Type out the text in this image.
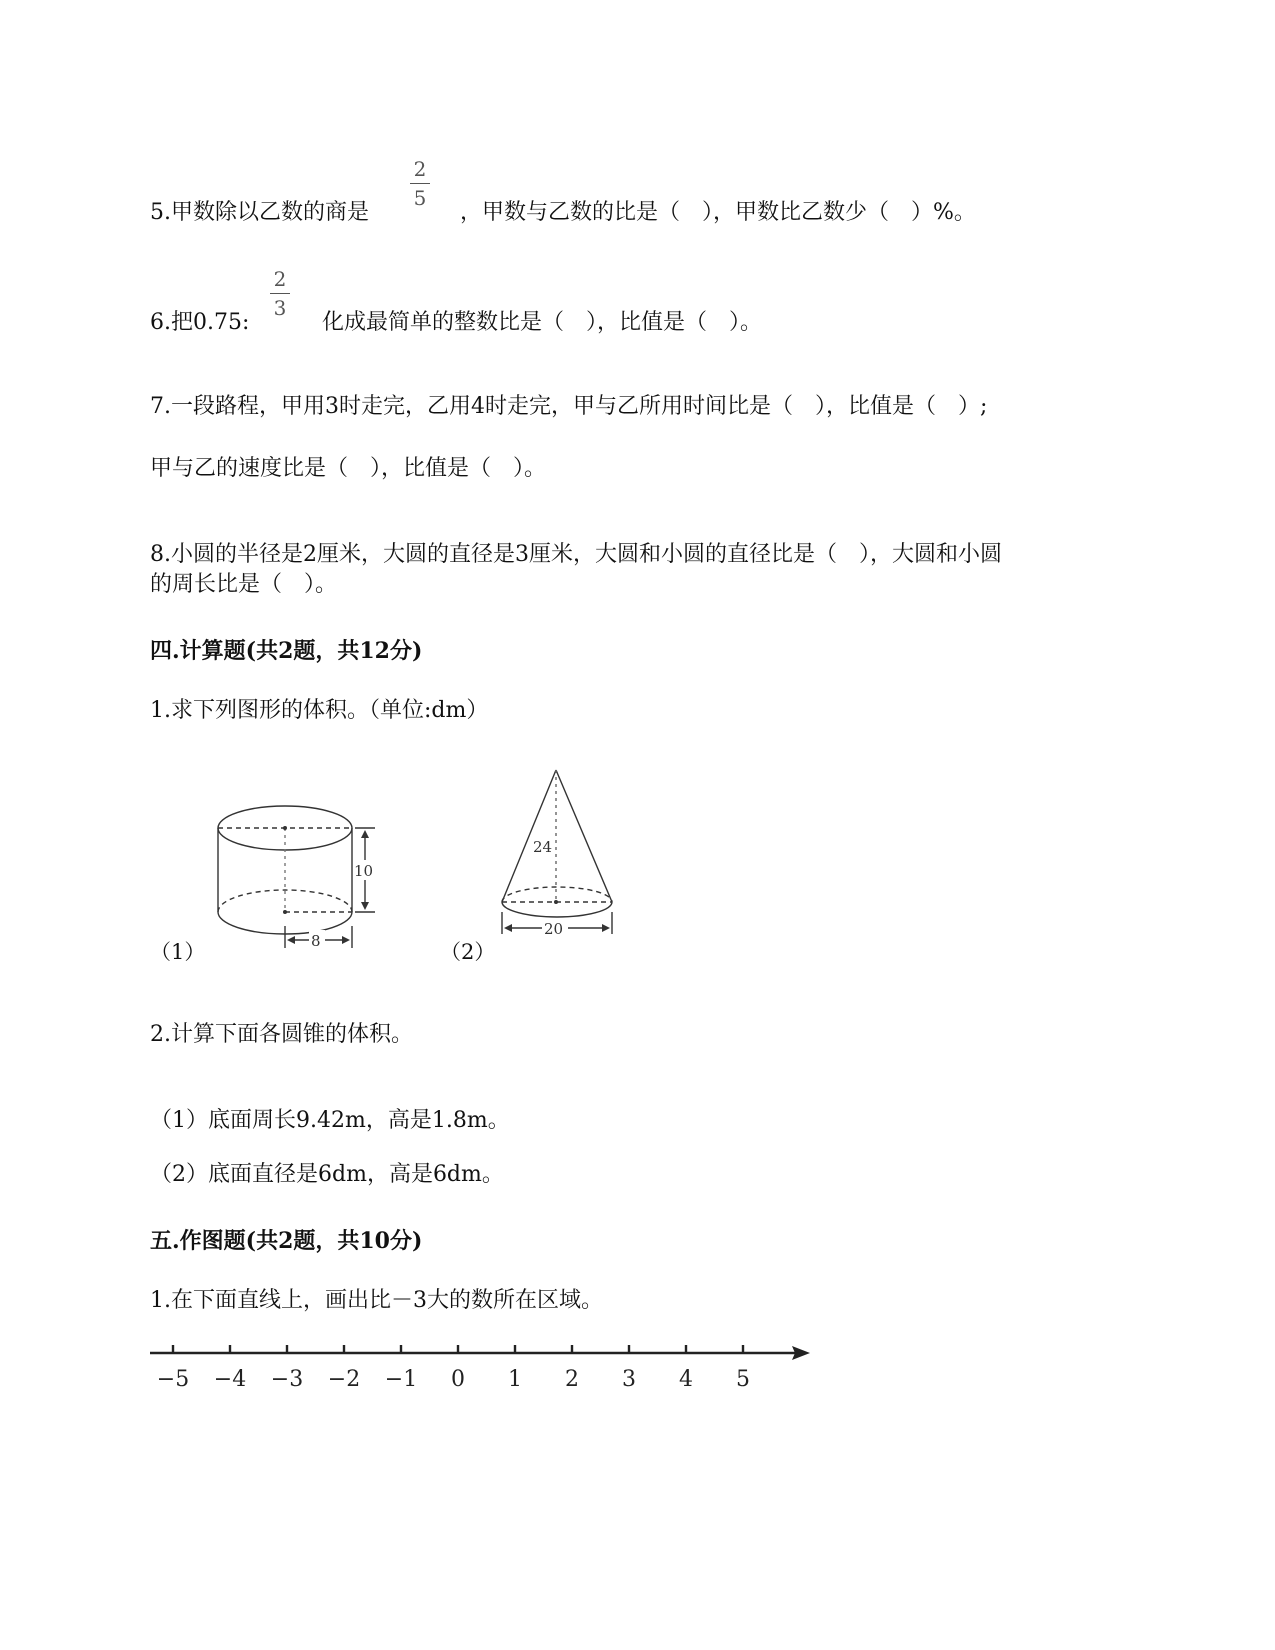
5.甲数除以乙数的商是
2
5
，甲数与乙数的比是（　），甲数比乙数少（　）%。
6.把0.75:
2
3
化成最简单的整数比是（　），比值是（　）。
7.一段路程，甲用3时走完，乙用4时走完，甲与乙所用时间比是（　），比值是（　）;
甲与乙的速度比是（　），比值是（　）。
8.小圆的半径是2厘米，大圆的直径是3厘米，大圆和小圆的直径比是（　），大圆和小圆
的周长比是（　）。
四.计算题(共2题，共12分)
1.求下列图形的体积。（单位:dm）
10
8
（1）
24
20
（2）
2.计算下面各圆锥的体积。
（1）底面周长9.42m，高是1.8m。
（2）底面直径是6dm，高是6dm。
五.作图题(共2题，共10分)
1.在下面直线上，画出比－3大的数所在区域。
−5 −4 −3 −2 −1 0 1 2 3 4 5
